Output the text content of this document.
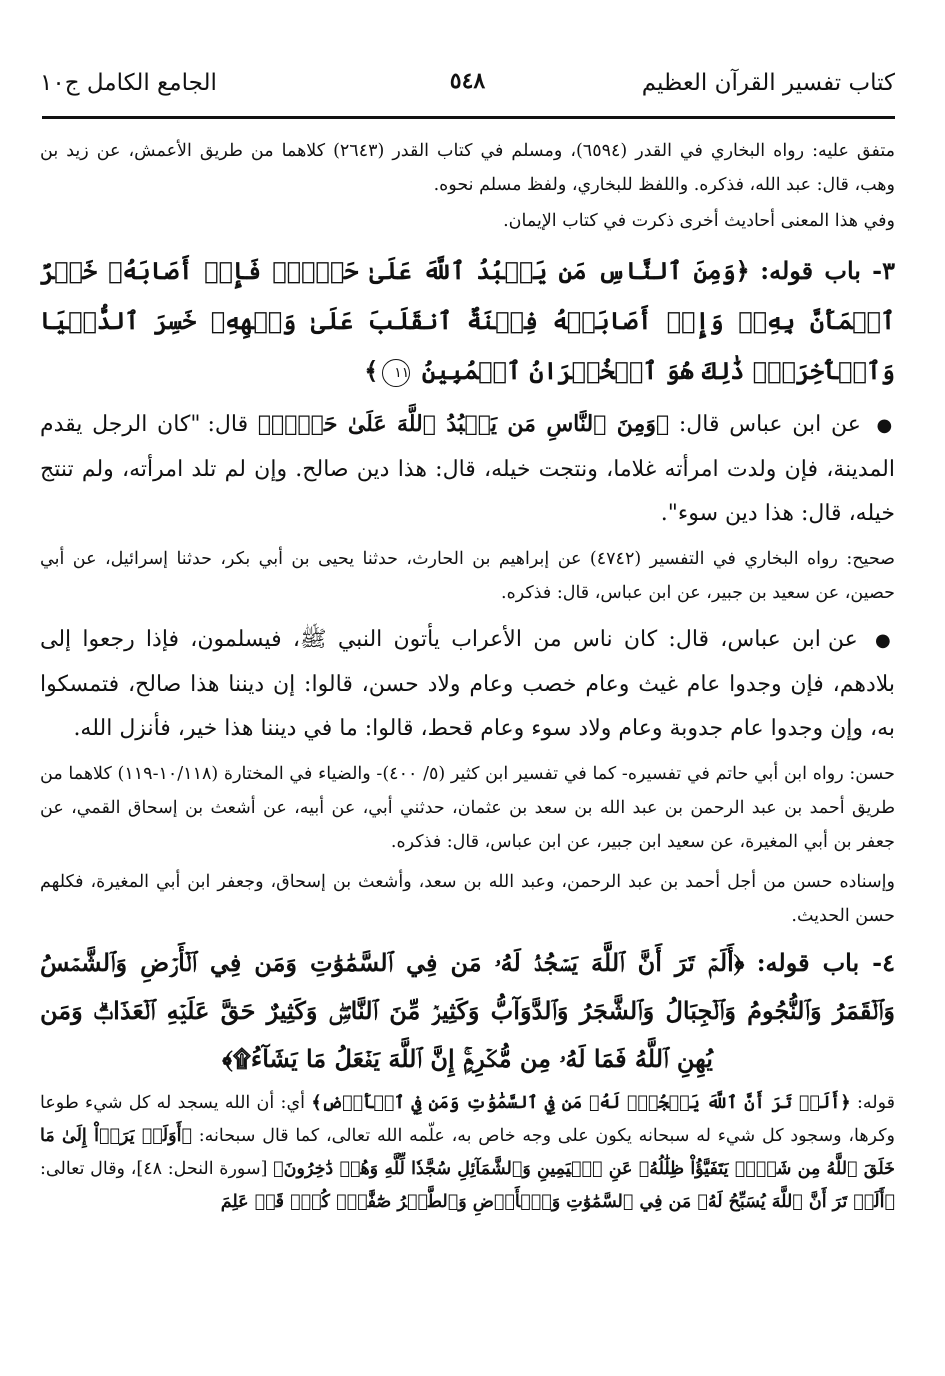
كتاب تفسير القرآن العظيم
٥٤٨
الجامع الكامل ج١٠

متفق عليه: رواه البخاري في القدر (٦٥٩٤)، ومسلم في كتاب القدر (٢٦٤٣) كلاهما من طريق الأعمش، عن زيد بن وهب، قال: عبد الله، فذكره. واللفظ للبخاري، ولفظ مسلم نحوه.

وفي هذا المعنى أحاديث أخرى ذكرت في كتاب الإيمان.

٣- باب قوله: ﴿وَمِنَ ٱلنَّاسِ مَن يَعۡبُدُ ٱللَّهَ عَلَىٰ حَرۡفٖۖ فَإِنۡ أَصَابَهُۥ خَيۡرٌ ٱطۡمَأَنَّ بِهِۦۖ وَإِنۡ أَصَابَتۡهُ فِتۡنَةٌ ٱنقَلَبَ عَلَىٰ وَجۡهِهِۦ خَسِرَ ٱلدُّنۡيَا وَٱلۡأٓخِرَةَۚ ذَٰلِكَ هُوَ ٱلۡخُسۡرَانُ ٱلۡمُبِينُ ١١﴾

● عن ابن عباس قال: ﴿وَمِنَ ٱلنَّاسِ مَن يَعۡبُدُ ٱللَّهَ عَلَىٰ حَرۡفٖ﴾ قال: "كان الرجل يقدم المدينة، فإن ولدت امرأته غلاما، ونتجت خيله، قال: هذا دين صالح. وإن لم تلد امرأته، ولم تنتج خيله، قال: هذا دين سوء".

صحيح: رواه البخاري في التفسير (٤٧٤٢) عن إبراهيم بن الحارث، حدثنا يحيى بن أبي بكر، حدثنا إسرائيل، عن أبي حصين، عن سعيد بن جبير، عن ابن عباس، قال: فذكره.

● عن ابن عباس، قال: كان ناس من الأعراب يأتون النبي ﷺ، فيسلمون، فإذا رجعوا إلى بلادهم، فإن وجدوا عام غيث وعام خصب وعام ولاد حسن، قالوا: إن ديننا هذا صالح، فتمسكوا به، وإن وجدوا عام جدوبة وعام ولاد سوء وعام قحط، قالوا: ما في ديننا هذا خير، فأنزل الله.

حسن: رواه ابن أبي حاتم في تفسيره- كما في تفسير ابن كثير (٥/ ٤٠٠)- والضياء في المختارة (١٠/١١٨-١١٩) كلاهما من طريق أحمد بن عبد الرحمن بن عبد الله بن سعد بن عثمان، حدثني أبي، عن أبيه، عن أشعث بن إسحاق القمي، عن جعفر بن أبي المغيرة، عن سعيد ابن جبير، عن ابن عباس، قال: فذكره.

وإسناده حسن من أجل أحمد بن عبد الرحمن، وعبد الله بن سعد، وأشعث بن إسحاق، وجعفر ابن أبي المغيرة، فكلهم حسن الحديث.

٤- باب قوله: ﴿أَلَمۡ تَرَ أَنَّ ٱللَّهَ يَسۡجُدُۤ لَهُۥ مَن فِي ٱلسَّمَٰوَٰتِ وَمَن فِي ٱلۡأَرۡضِ وَٱلشَّمۡسُ وَٱلۡقَمَرُ وَٱلنُّجُومُ وَٱلۡجِبَالُ وَٱلشَّجَرُ وَٱلدَّوَآبُّ وَكَثِيرٞ مِّنَ ٱلنَّاسِۖ وَكَثِيرٌ حَقَّ عَلَيۡهِ ٱلۡعَذَابُۗ وَمَن يُهِنِ ٱللَّهُ فَمَا لَهُۥ مِن مُّكۡرِمٍۚ إِنَّ ٱللَّهَ يَفۡعَلُ مَا يَشَآءُ۩﴾

قوله: ﴿أَلَمۡ تَرَ أَنَّ ٱللَّهَ يَسۡجُدُۤ لَهُۥ مَن فِي ٱلسَّمَٰوَٰتِ وَمَن فِي ٱلۡأَرۡضِ﴾ أي: أن الله يسجد له كل شيء طوعا وكرها، وسجود كل شيء له سبحانه يكون على وجه خاص به، علّمه الله تعالى، كما قال سبحانه: ﴿أَوَلَمۡ يَرَوۡاْ إِلَىٰ مَا خَلَقَ ٱللَّهُ مِن شَيۡءٖ يَتَفَيَّؤُاْ ظِلَٰلُهُۥ عَنِ ٱلۡيَمِينِ وَٱلشَّمَآئِلِ سُجَّدٗا لِّلَّهِ وَهُمۡ دَٰخِرُونَ﴾ [سورة النحل: ٤٨]، وقال تعالى: ﴿أَلَمۡ تَرَ أَنَّ ٱللَّهَ يُسَبِّحُ لَهُۥ مَن فِي ٱلسَّمَٰوَٰتِ وَٱلۡأَرۡضِ وَٱلطَّيۡرُ صَٰٓفَّٰتٖۖ كُلّٞ قَدۡ عَلِمَ
